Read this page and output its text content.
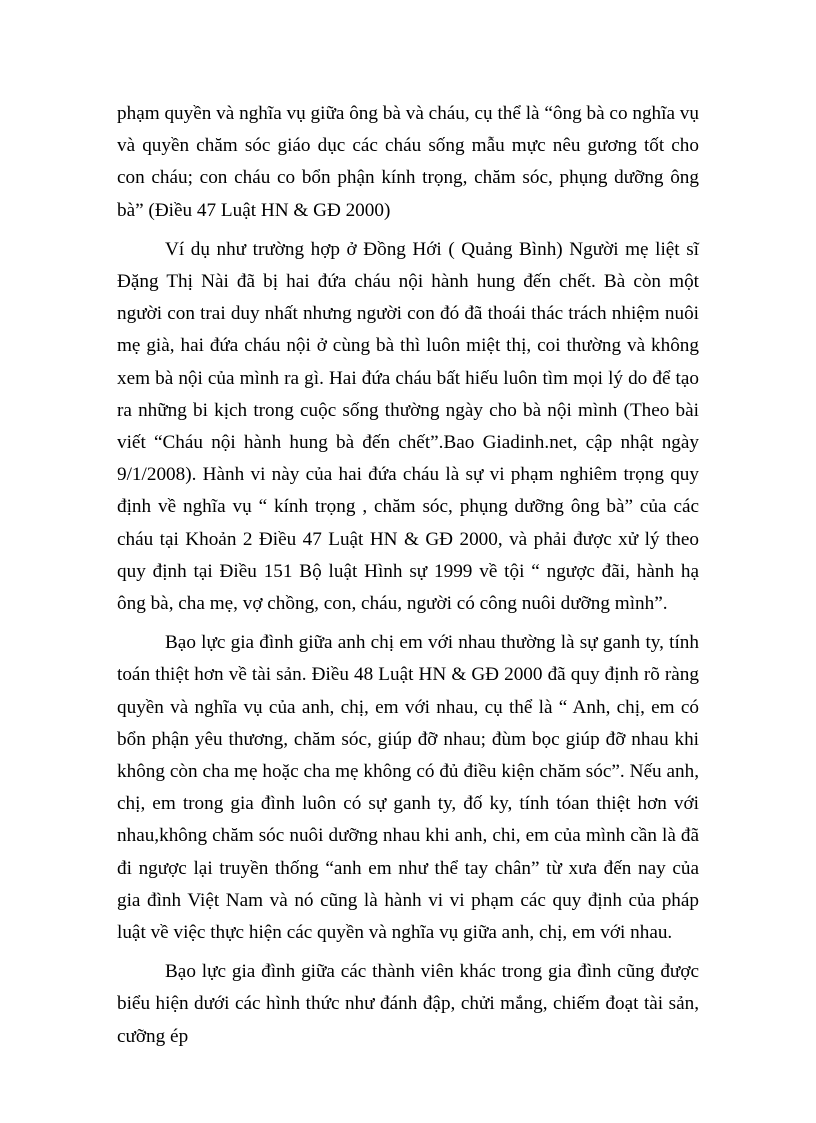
phạm quyền và nghĩa vụ giữa ông bà và cháu, cụ thể là “ông bà co nghĩa vụ và quyền chăm sóc giáo dục các cháu sống mẫu mực nêu gương tốt cho con cháu; con cháu co bổn phận kính trọng, chăm sóc, phụng dưỡng ông bà” (Điều 47 Luật HN & GĐ 2000)

Ví dụ như trường hợp ở Đồng Hới ( Quảng Bình) Người mẹ liệt sĩ Đặng Thị Nài đã bị hai đứa cháu nội hành hung đến chết. Bà còn một người con trai duy nhất nhưng người con đó đã thoái thác trách nhiệm nuôi mẹ già, hai đứa cháu nội ở cùng bà thì luôn miệt thị, coi thường và không xem bà nội của mình ra gì. Hai đứa cháu bất hiếu luôn tìm mọi lý do để tạo ra những bi kịch trong cuộc sống thường ngày cho bà nội mình (Theo bài viết “Cháu nội hành hung bà đến chết”.Bao Giadinh.net, cập nhật ngày 9/1/2008). Hành vi này của hai đứa cháu là sự vi phạm nghiêm trọng quy định về nghĩa vụ “ kính trọng , chăm sóc, phụng dưỡng ông bà” của các cháu tại Khoản 2 Điều 47 Luật HN & GĐ 2000, và phải được xử lý theo quy định tại Điều 151 Bộ luật Hình sự 1999 về tội “ ngược đãi, hành hạ ông bà, cha mẹ, vợ chồng, con, cháu, người có công nuôi dưỡng mình”.

Bạo lực gia đình giữa anh chị em với nhau thường là sự ganh ty, tính toán thiệt hơn về tài sản. Điều 48 Luật HN & GĐ 2000 đã quy định rõ ràng quyền và nghĩa vụ của anh, chị, em với nhau, cụ thể là “ Anh, chị, em có bổn phận yêu thương, chăm sóc, giúp đỡ nhau; đùm bọc giúp đỡ nhau khi không còn cha mẹ hoặc cha mẹ không có đủ điều kiện chăm sóc”. Nếu anh, chị, em trong gia đình luôn có sự ganh ty, đố ky, tính tóan thiệt hơn với nhau,không chăm sóc nuôi dưỡng nhau khi anh, chi, em của mình cần là đã đi ngược lại truyền thống “anh em như thể tay chân” từ xưa đến nay của gia đình Việt Nam và nó cũng là hành vi vi phạm các quy định của pháp luật về việc thực hiện các quyền và nghĩa vụ giữa anh, chị, em với nhau.

Bạo lực gia đình giữa các thành viên khác trong gia đình cũng được biểu hiện dưới các hình thức như đánh đập, chửi mắng, chiếm đoạt tài sản, cưỡng ép
